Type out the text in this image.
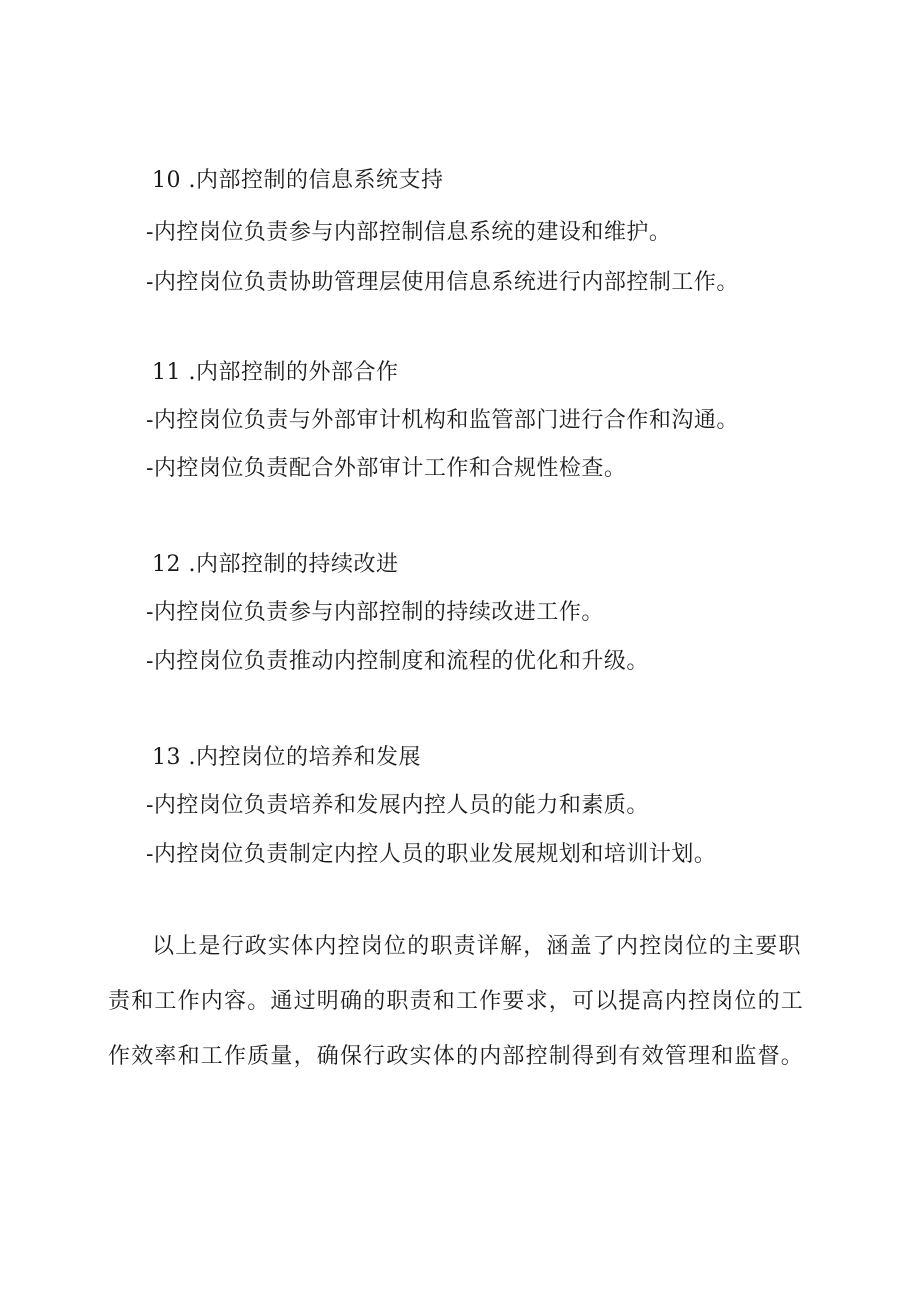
10 .内部控制的信息系统支持
-内控岗位负责参与内部控制信息系统的建设和维护。
-内控岗位负责协助管理层使用信息系统进行内部控制工作。
11 .内部控制的外部合作
-内控岗位负责与外部审计机构和监管部门进行合作和沟通。
-内控岗位负责配合外部审计工作和合规性检查。
12 .内部控制的持续改进
-内控岗位负责参与内部控制的持续改进工作。
-内控岗位负责推动内控制度和流程的优化和升级。
13 .内控岗位的培养和发展
-内控岗位负责培养和发展内控人员的能力和素质。
-内控岗位负责制定内控人员的职业发展规划和培训计划。
以上是行政实体内控岗位的职责详解，涵盖了内控岗位的主要职
责和工作内容。通过明确的职责和工作要求，可以提高内控岗位的工
作效率和工作质量，确保行政实体的内部控制得到有效管理和监督。
